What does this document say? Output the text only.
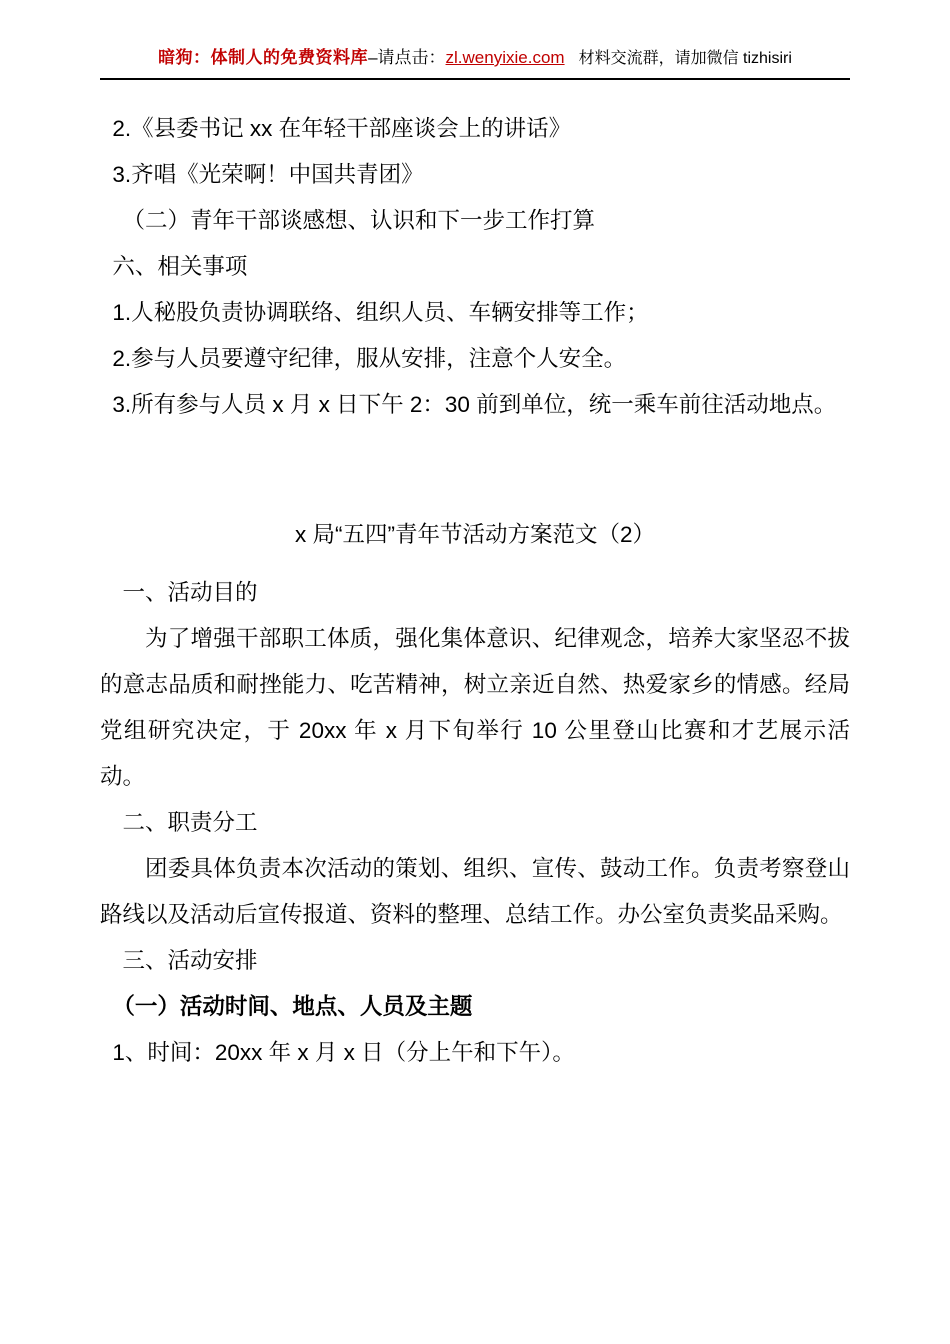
暗狗：体制人的免费资料库–请点击：zl.wenyixie.com 材料交流群，请加微信 tizhisiri

2.《县委书记 xx 在年轻干部座谈会上的讲话》

3.齐唱《光荣啊！中国共青团》

（二）青年干部谈感想、认识和下一步工作打算

六、相关事项

1.人秘股负责协调联络、组织人员、车辆安排等工作；

2.参与人员要遵守纪律，服从安排，注意个人安全。

3.所有参与人员 x 月 x 日下午 2：30 前到单位，统一乘车前往活动地点。

x 局“五四”青年节活动方案范文（2）

一、活动目的

为了增强干部职工体质，强化集体意识、纪律观念，培养大家坚忍不拔的意志品质和耐挫能力、吃苦精神，树立亲近自然、热爱家乡的情感。经局党组研究决定，于 20xx 年 x 月下旬举行 10 公里登山比赛和才艺展示活动。

二、职责分工

团委具体负责本次活动的策划、组织、宣传、鼓动工作。负责考察登山路线以及活动后宣传报道、资料的整理、总结工作。办公室负责奖品采购。

三、活动安排

（一）活动时间、地点、人员及主题

1、时间：20xx 年 x 月 x 日（分上午和下午）。
